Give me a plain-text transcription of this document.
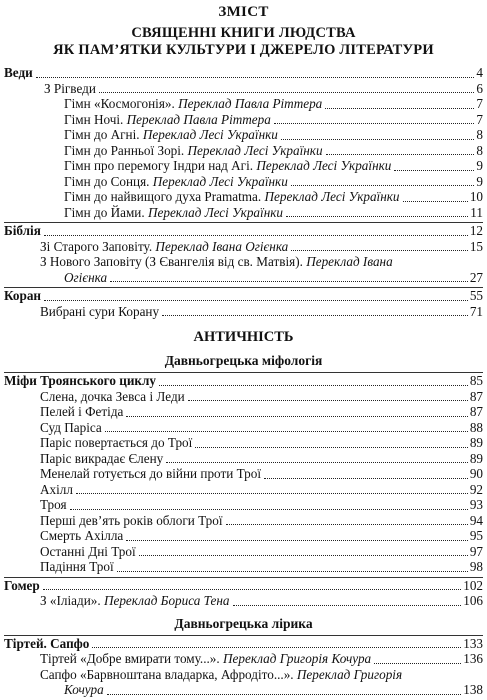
ЗМІСТ
СВЯЩЕННІ КНИГИ ЛЮДСТВА
ЯК ПАМ’ЯТКИ КУЛЬТУРИ І ДЖЕРЕЛО ЛІТЕРАТУРИ
Веди	4
З Рігведи	6
Гімн «Космогонія». Переклад Павла Ріттера	7
Гімн Ночі. Переклад Павла Ріттера	7
Гімн до Агні. Переклад Лесі Українки	8
Гімн до Ранньої Зорі. Переклад Лесі Українки	8
Гімн про перемогу Індри над Агі. Переклад Лесі Українки	9
Гімн до Сонця. Переклад Лесі Українки	9
Гімн до найвищого духа Pramatma. Переклад Лесі Українки	10
Гімн до Йами. Переклад Лесі Українки	11
Біблія	12
Зі Старого Заповіту. Переклад Івана Огієнка	15
З Нового Заповіту (З Євангелія від св. Матвія). Переклад Івана
Огієнка	27
Коран	55
Вибрані сури Корану	71
АНТИЧНІСТЬ
Давньогрецька міфологія
Міфи Троянського циклу	85
Слена, дочка Зевса і Леди	87
Пелей і Фетіда	87
Суд Паріса	88
Паріс повертається до Трої	89
Паріс викрадає Єлену	89
Менелай готується до війни проти Трої	90
Ахілл	92
Троя	93
Перші дев’ять років облоги Трої	94
Смерть Ахілла	95
Останні Дні Трої	97
Падіння Трої	98
Гомер	102
З «Іліади». Переклад Бориса Тена	106
Давньогрецька лірика
Тіртей. Сапфо	133
Тіртей «Добре вмирати тому...». Переклад Григорія Кочура	136
Сапфо «Барвноштана владарка, Афродіто...». Переклад Григорія
Кочура	138
